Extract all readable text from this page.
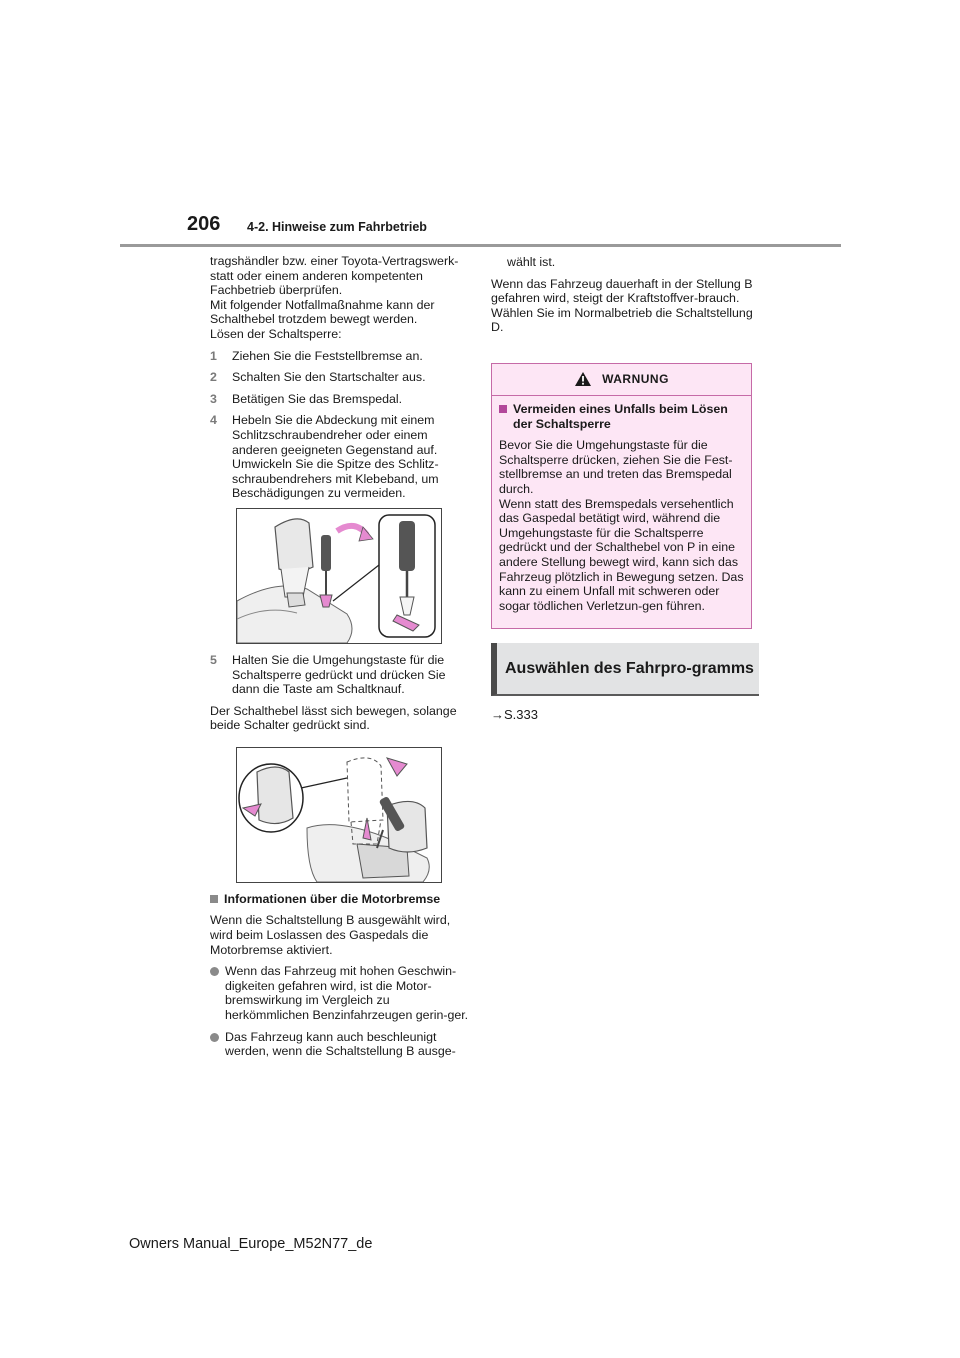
206 4-2. Hinweise zum Fahrbetrieb

tragshändler bzw. einer Toyota-Vertragswerk-statt oder einem anderen kompetenten Fachbetrieb überprüfen.
Mit folgender Notfallmaßnahme kann der Schalthebel trotzdem bewegt werden.
Lösen der Schaltsperre:

1	Ziehen Sie die Feststellbremse an.
2	Schalten Sie den Startschalter aus.
3	Betätigen Sie das Bremspedal.
4	Hebeln Sie die Abdeckung mit einem Schlitzschraubendreher oder einem anderen geeigneten Gegenstand auf. Umwickeln Sie die Spitze des Schlitz-schraubendrehers mit Klebeband, um Beschädigungen zu vermeiden.
5	Halten Sie die Umgehungstaste für die Schaltsperre gedrückt und drücken Sie dann die Taste am Schaltknauf.

Der Schalthebel lässt sich bewegen, solange beide Schalter gedrückt sind.

Informationen über die Motorbremse

Wenn die Schaltstellung B ausgewählt wird, wird beim Loslassen des Gaspedals die Motorbremse aktiviert.

Wenn das Fahrzeug mit hohen Geschwin-digkeiten gefahren wird, ist die Motor-bremswirkung im Vergleich zu herkömmlichen Benzinfahrzeugen gerin-ger.
Das Fahrzeug kann auch beschleunigt werden, wenn die Schaltstellung B ausge-

wählt ist.

Wenn das Fahrzeug dauerhaft in der Stellung B gefahren wird, steigt der Kraftstoffver-brauch. Wählen Sie im Normalbetrieb die Schaltstellung D.

WARNUNG
Vermeiden eines Unfalls beim Lösen der Schaltsperre

Bevor Sie die Umgehungstaste für die Schaltsperre drücken, ziehen Sie die Fest-stellbremse an und treten das Bremspedal durch.
Wenn statt des Bremspedals versehentlich das Gaspedal betätigt wird, während die Umgehungstaste für die Schaltsperre gedrückt und der Schalthebel von P in eine andere Stellung bewegt wird, kann sich das Fahrzeug plötzlich in Bewegung setzen. Das kann zu einem Unfall mit schweren oder sogar tödlichen Verletzun-gen führen.

Auswählen des Fahrpro-gramms
→S.333
Owners Manual_Europe_M52N77_de
